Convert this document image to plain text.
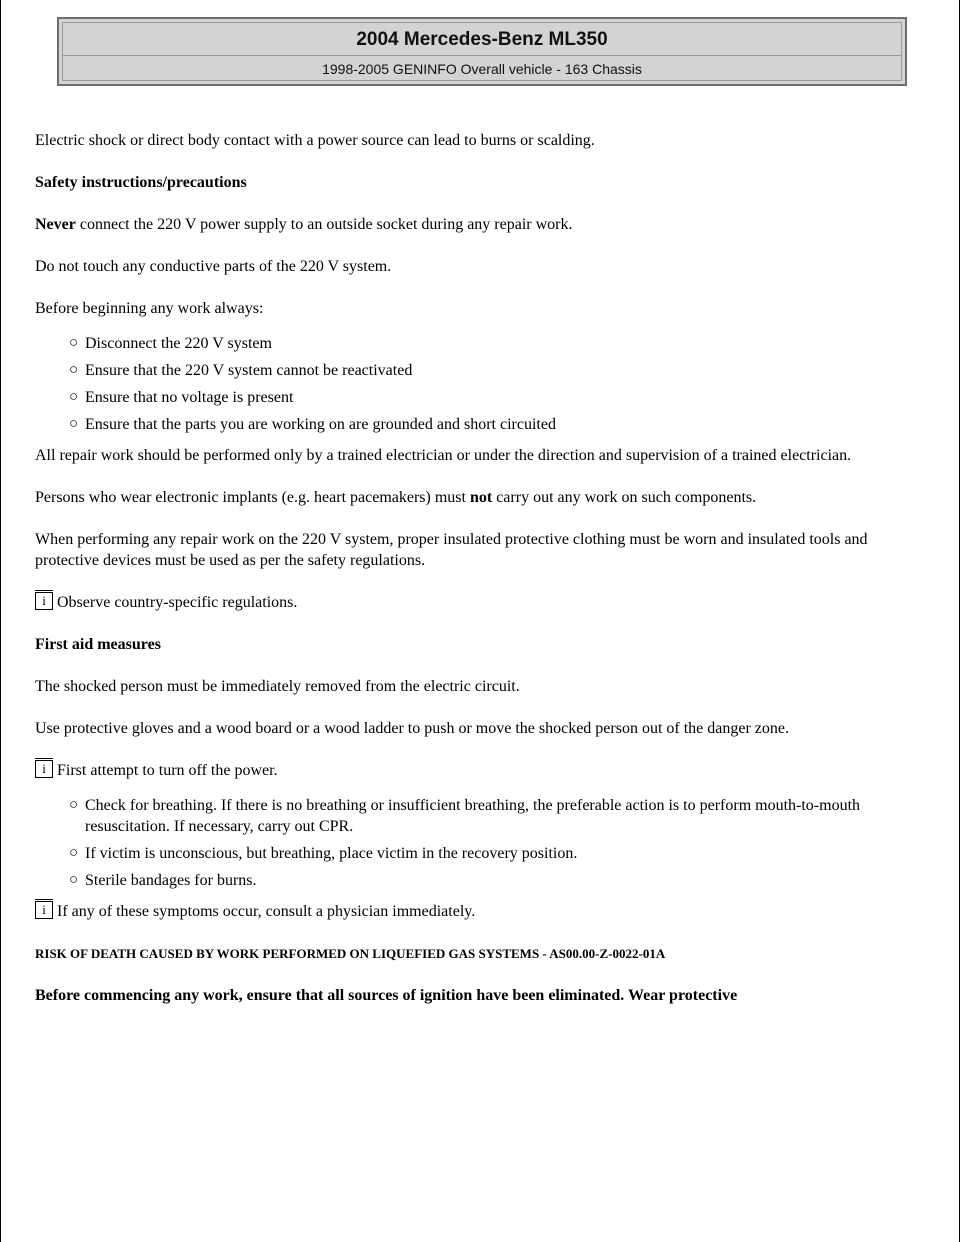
2004 Mercedes-Benz ML350
1998-2005 GENINFO Overall vehicle - 163 Chassis

Electric shock or direct body contact with a power source can lead to burns or scalding.

Safety instructions/precautions

Never connect the 220 V power supply to an outside socket during any repair work.

Do not touch any conductive parts of the 220 V system.

Before beginning any work always:

○ Disconnect the 220 V system
○ Ensure that the 220 V system cannot be reactivated
○ Ensure that no voltage is present
○ Ensure that the parts you are working on are grounded and short circuited

All repair work should be performed only by a trained electrician or under the direction and supervision of a trained electrician.

Persons who wear electronic implants (e.g. heart pacemakers) must not carry out any work on such components.

When performing any repair work on the 220 V system, proper insulated protective clothing must be worn and insulated tools and protective devices must be used as per the safety regulations.

i Observe country-specific regulations.

First aid measures

The shocked person must be immediately removed from the electric circuit.

Use protective gloves and a wood board or a wood ladder to push or move the shocked person out of the danger zone.

i First attempt to turn off the power.

○ Check for breathing. If there is no breathing or insufficient breathing, the preferable action is to perform mouth-to-mouth resuscitation. If necessary, carry out CPR.
○ If victim is unconscious, but breathing, place victim in the recovery position.
○ Sterile bandages for burns.

i If any of these symptoms occur, consult a physician immediately.

RISK OF DEATH CAUSED BY WORK PERFORMED ON LIQUEFIED GAS SYSTEMS - AS00.00-Z-0022-01A

Before commencing any work, ensure that all sources of ignition have been eliminated. Wear protective
